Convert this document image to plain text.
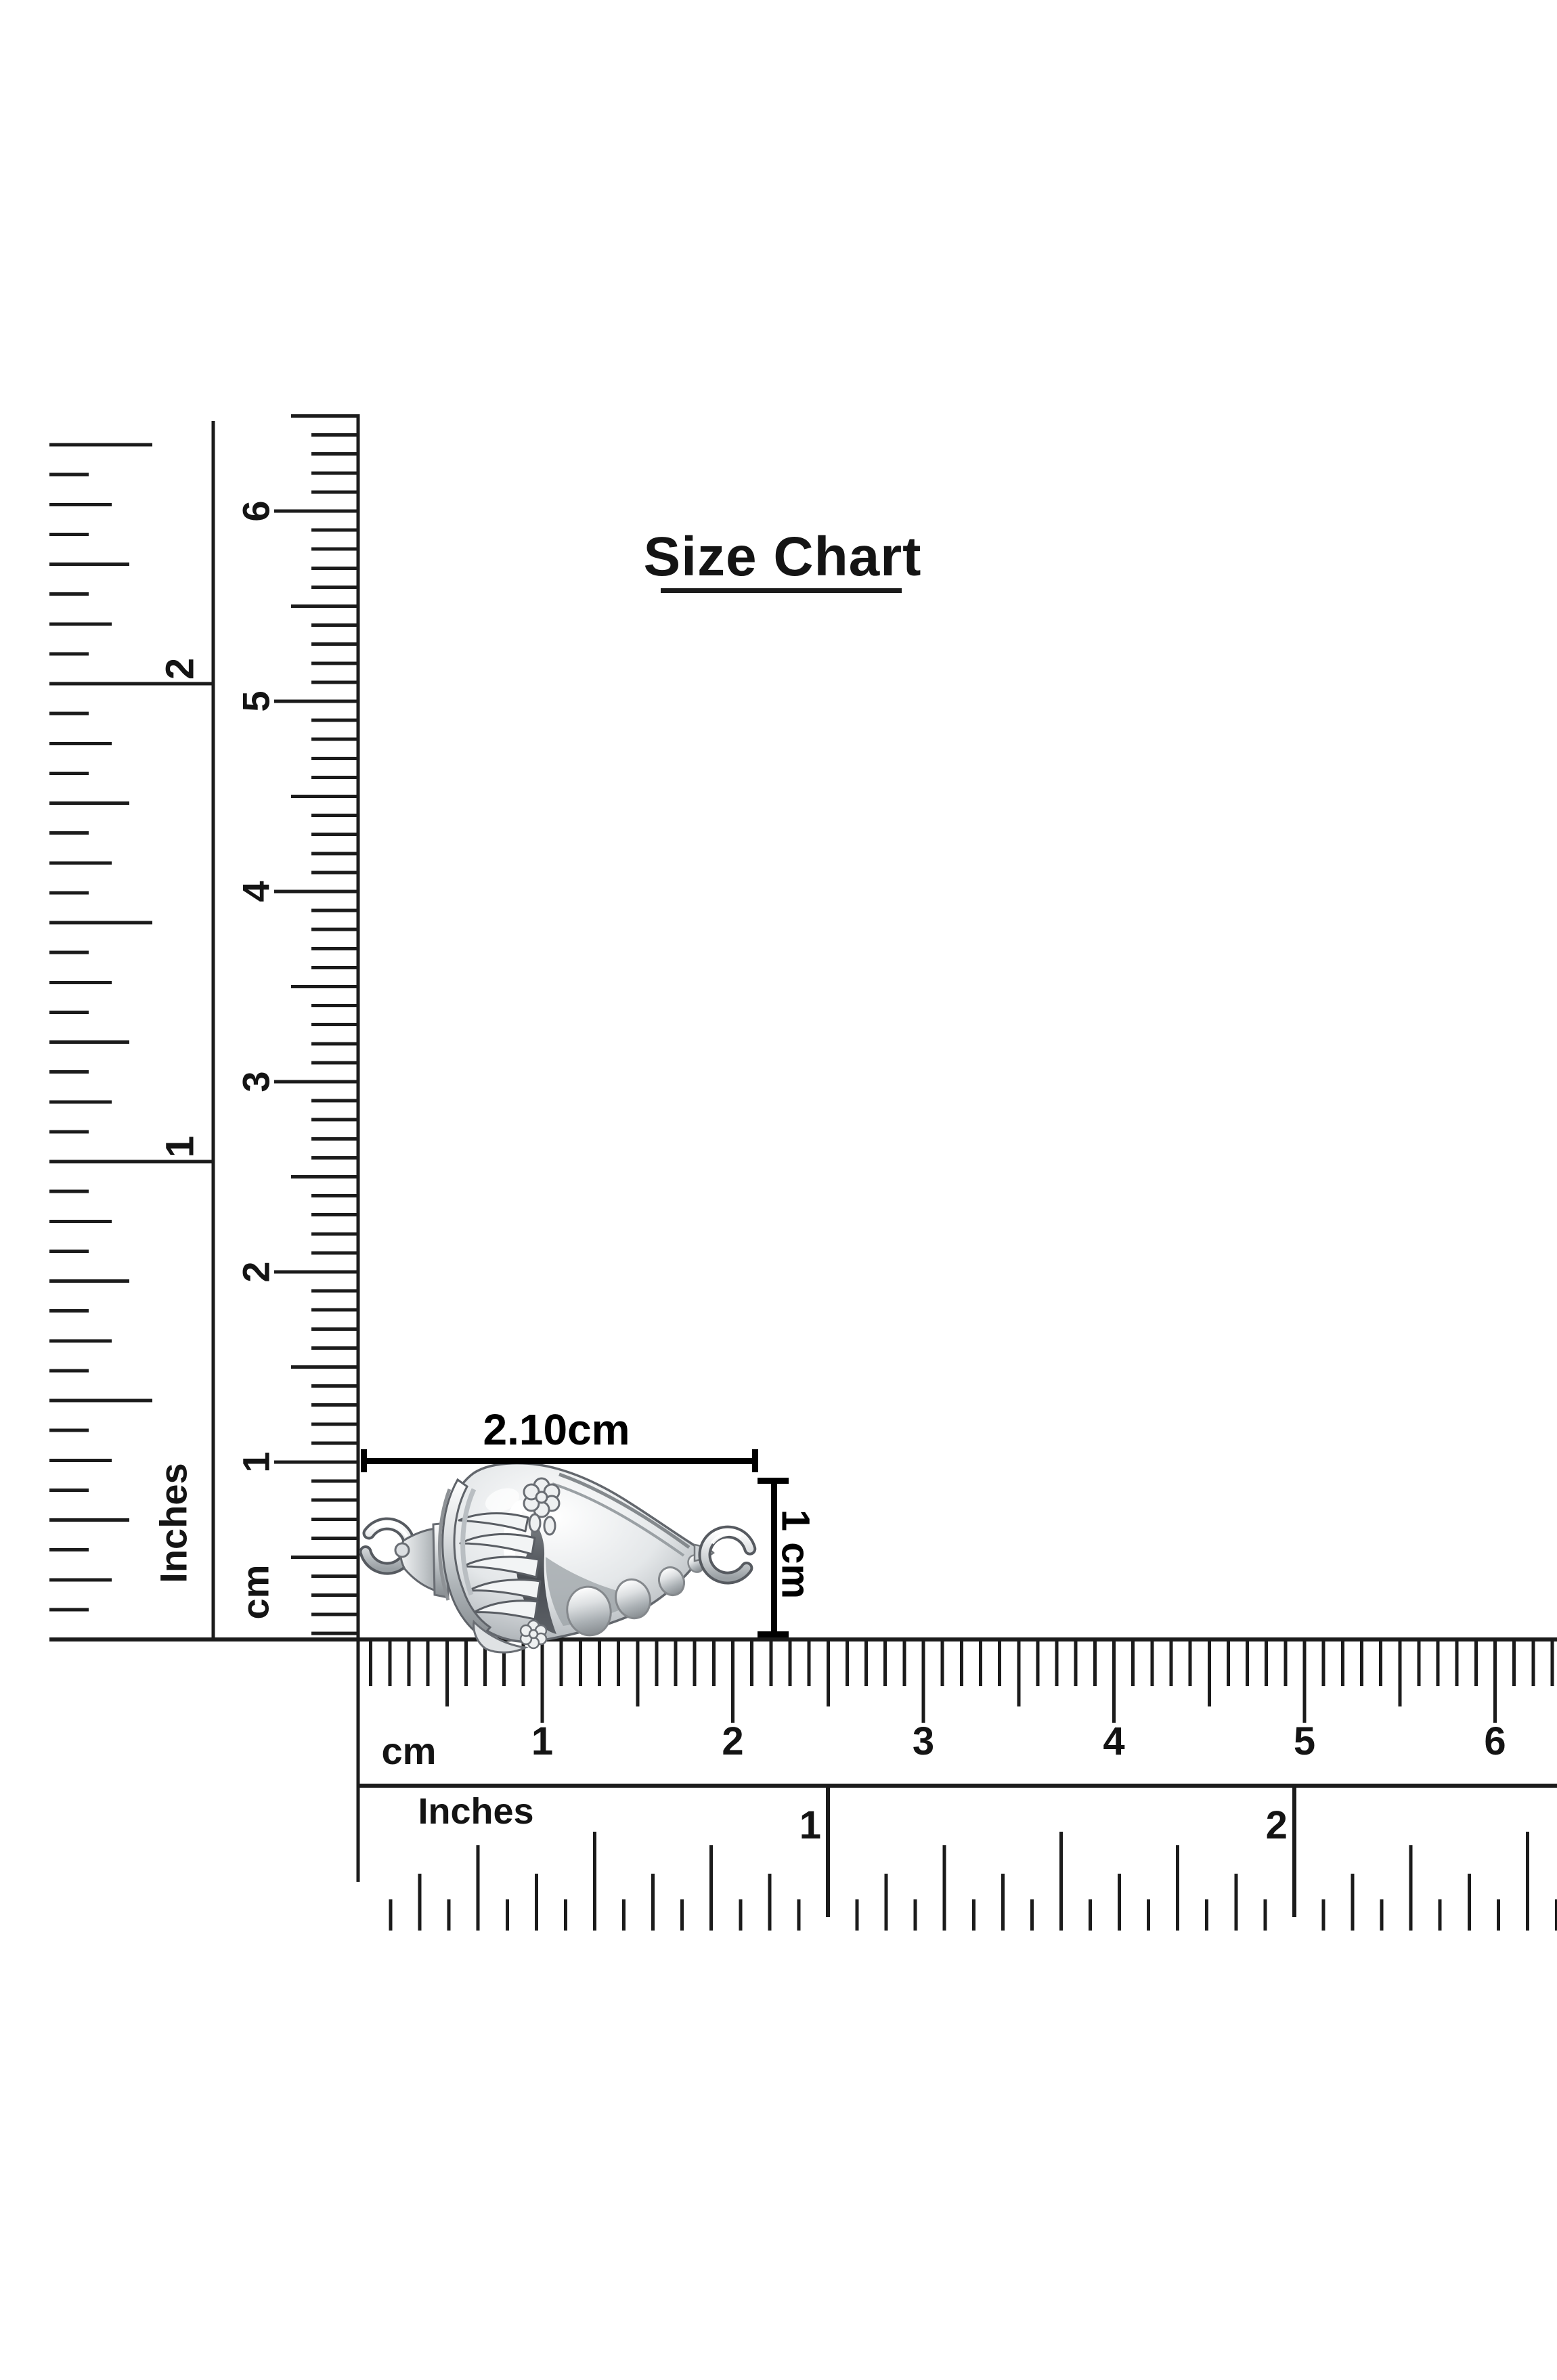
Size Chart
1
2
1
2
3
4
5
6
Inches
cm
1	2	3	4	5	6
1	2
cm
Inches
2.10cm
1 cm
